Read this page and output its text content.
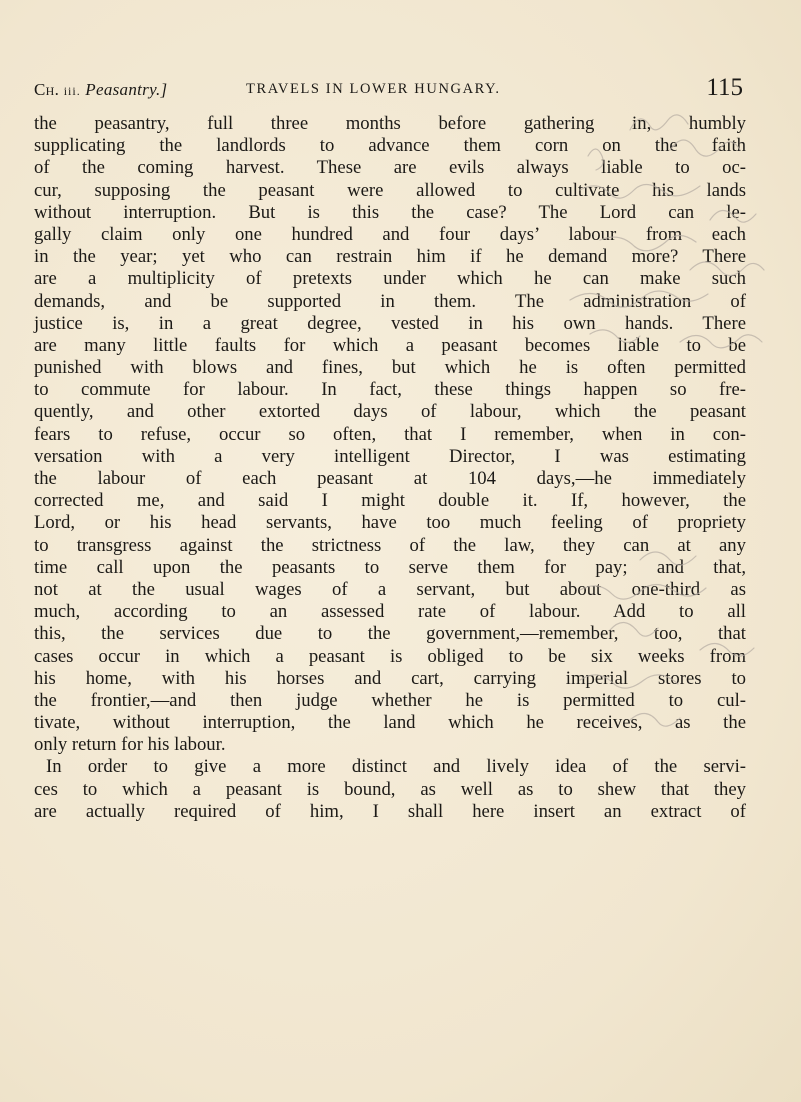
Ch. iii. Peasantry.]	TRAVELS IN LOWER HUNGARY.	115
the peasantry, full three months before gathering in, humbly
supplicating the landlords to advance them corn on the faith
of the coming harvest. These are evils always liable to oc-
cur, supposing the peasant were allowed to cultivate his lands
without interruption. But is this the case? The Lord can le-
gally claim only one hundred and four days’ labour from each
in the year; yet who can restrain him if he demand more? There
are a multiplicity of pretexts under which he can make such
demands, and be supported in them. The administration of
justice is, in a great degree, vested in his own hands. There
are many little faults for which a peasant becomes liable to be
punished with blows and fines, but which he is often permitted
to commute for labour. In fact, these things happen so fre-
quently, and other extorted days of labour, which the peasant
fears to refuse, occur so often, that I remember, when in con-
versation with a very intelligent Director, I was estimating
the labour of each peasant at 104 days,—he immediately
corrected me, and said I might double it. If, however, the
Lord, or his head servants, have too much feeling of propriety
to transgress against the strictness of the law, they can at any
time call upon the peasants to serve them for pay; and that,
not at the usual wages of a servant, but about one-third as
much, according to an assessed rate of labour. Add to all
this, the services due to the government,—remember, too, that
cases occur in which a peasant is obliged to be six weeks from
his home, with his horses and cart, carrying imperial stores to
the frontier,—and then judge whether he is permitted to cul-
tivate, without interruption, the land which he receives, as the
only return for his labour.
In order to give a more distinct and lively idea of the servi-
ces to which a peasant is bound, as well as to shew that they
are actually required of him, I shall here insert an extract of
